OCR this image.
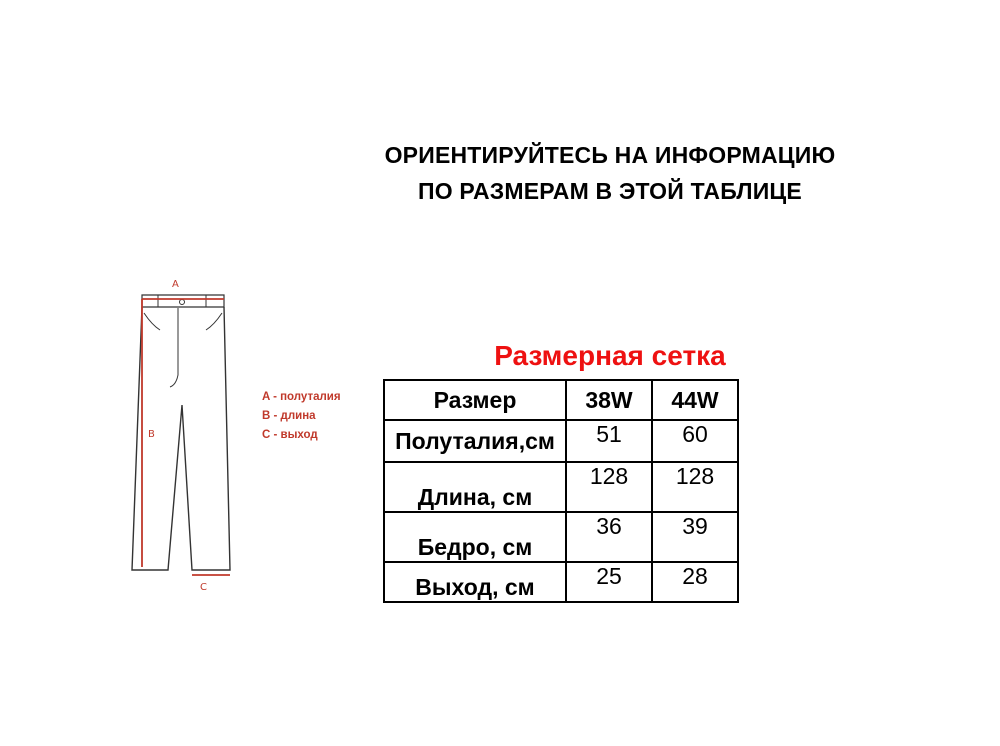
ОРИЕНТИРУЙТЕСЬ НА ИНФОРМАЦИЮ
ПО РАЗМЕРАМ В ЭТОЙ ТАБЛИЦЕ
A
B
C
A - полуталия
B - длина
C - выход
Размерная сетка
Размер	38W	44W
Полуталия,см	51	60
Длина, см	128	128
Бедро, см	36	39
Выход, см	25	28
